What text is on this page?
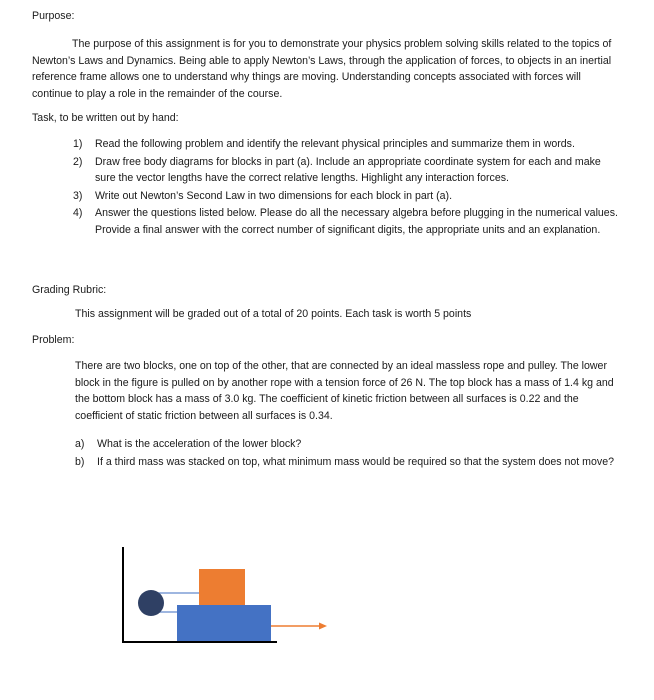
Purpose:
The purpose of this assignment is for you to demonstrate your physics problem solving skills related to the topics of Newton’s Laws and Dynamics. Being able to apply Newton’s Laws, through the application of forces, to objects in an inertial reference frame allows one to understand why things are moving. Understanding concepts associated with forces will continue to play a role in the remainder of the course.
Task, to be written out by hand:
1) Read the following problem and identify the relevant physical principles and summarize them in words.
2) Draw free body diagrams for blocks in part (a). Include an appropriate coordinate system for each and make sure the vector lengths have the correct relative lengths. Highlight any interaction forces.
3) Write out Newton’s Second Law in two dimensions for each block in part (a).
4) Answer the questions listed below. Please do all the necessary algebra before plugging in the numerical values. Provide a final answer with the correct number of significant digits, the appropriate units and an explanation.
Grading Rubric:
This assignment will be graded out of a total of 20 points. Each task is worth 5 points
Problem:
There are two blocks, one on top of the other, that are connected by an ideal massless rope and pulley. The lower block in the figure is pulled on by another rope with a tension force of 26 N. The top block has a mass of 1.4 kg and the bottom block has a mass of 3.0 kg. The coefficient of kinetic friction between all surfaces is 0.22 and the coefficient of static friction between all surfaces is 0.34.
a) What is the acceleration of the lower block?
b) If a third mass was stacked on top, what minimum mass would be required so that the system does not move?
